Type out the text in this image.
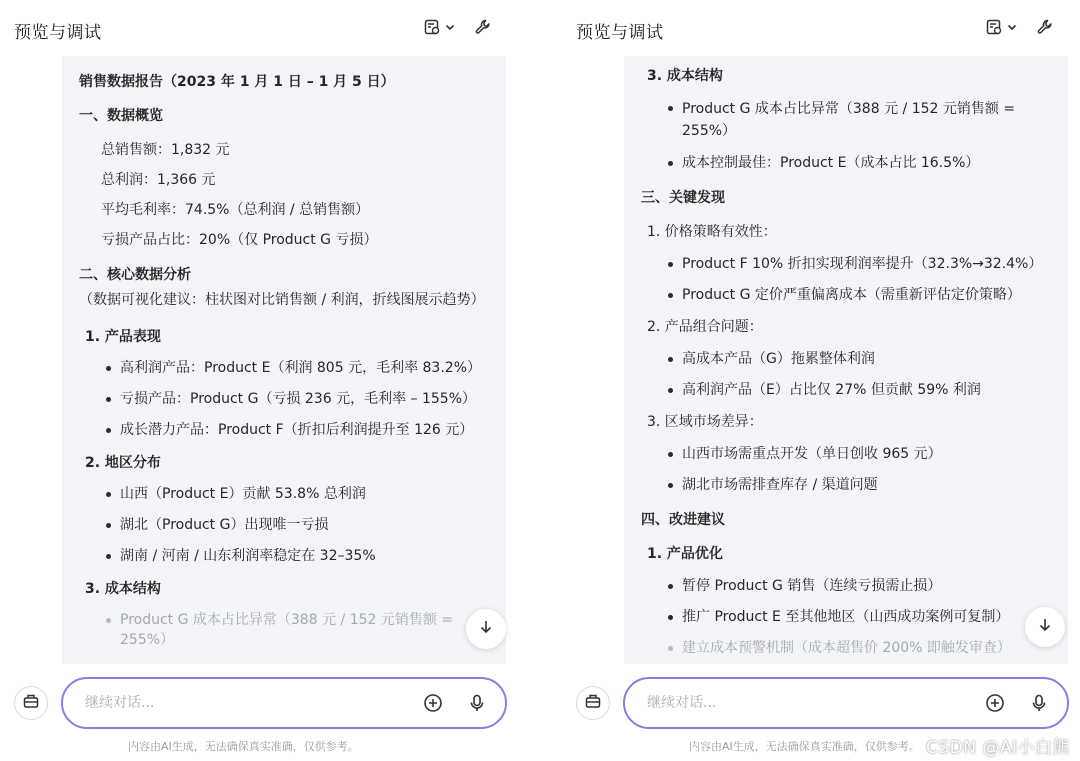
预览与调试
销售数据报告（2023 年 1 月 1 日 – 1 月 5 日）
一、数据概览
总销售额：1,832 元
总利润：1,366 元
平均毛利率：74.5%（总利润 / 总销售额）
亏损产品占比：20%（仅 Product G 亏损）
二、核心数据分析
（数据可视化建议：柱状图对比销售额 / 利润，折线图展示趋势）
1. 产品表现
高利润产品：Product E（利润 805 元，毛利率 83.2%）
亏损产品：Product G（亏损 236 元，毛利率 – 155%）
成长潜力产品：Product F（折扣后利润提升至 126 元）
2. 地区分布
山西（Product E）贡献 53.8% 总利润
湖北（Product G）出现唯一亏损
湖南 / 河南 / 山东利润率稳定在 32–35%
3. 成本结构
Product G 成本占比异常（388 元 / 152 元销售额 = 255%）
继续对话...
内容由AI生成，无法确保真实准确，仅供参考。
预览与调试
3. 成本结构
Product G 成本占比异常（388 元 / 152 元销售额 = 255%）
成本控制最佳：Product E（成本占比 16.5%）
三、关键发现
1. 价格策略有效性：
Product F 10% 折扣实现利润率提升（32.3%→32.4%）
Product G 定价严重偏离成本（需重新评估定价策略）
2. 产品组合问题：
高成本产品（G）拖累整体利润
高利润产品（E）占比仅 27% 但贡献 59% 利润
3. 区域市场差异：
山西市场需重点开发（单日创收 965 元）
湖北市场需排查库存 / 渠道问题
四、改进建议
1. 产品优化
暂停 Product G 销售（连续亏损需止损）
推广 Product E 至其他地区（山西成功案例可复制）
建立成本预警机制（成本超售价 200% 即触发审查）
继续对话...
内容由AI生成，无法确保真实准确，仅供参考。 CSDN @AI小白熊
